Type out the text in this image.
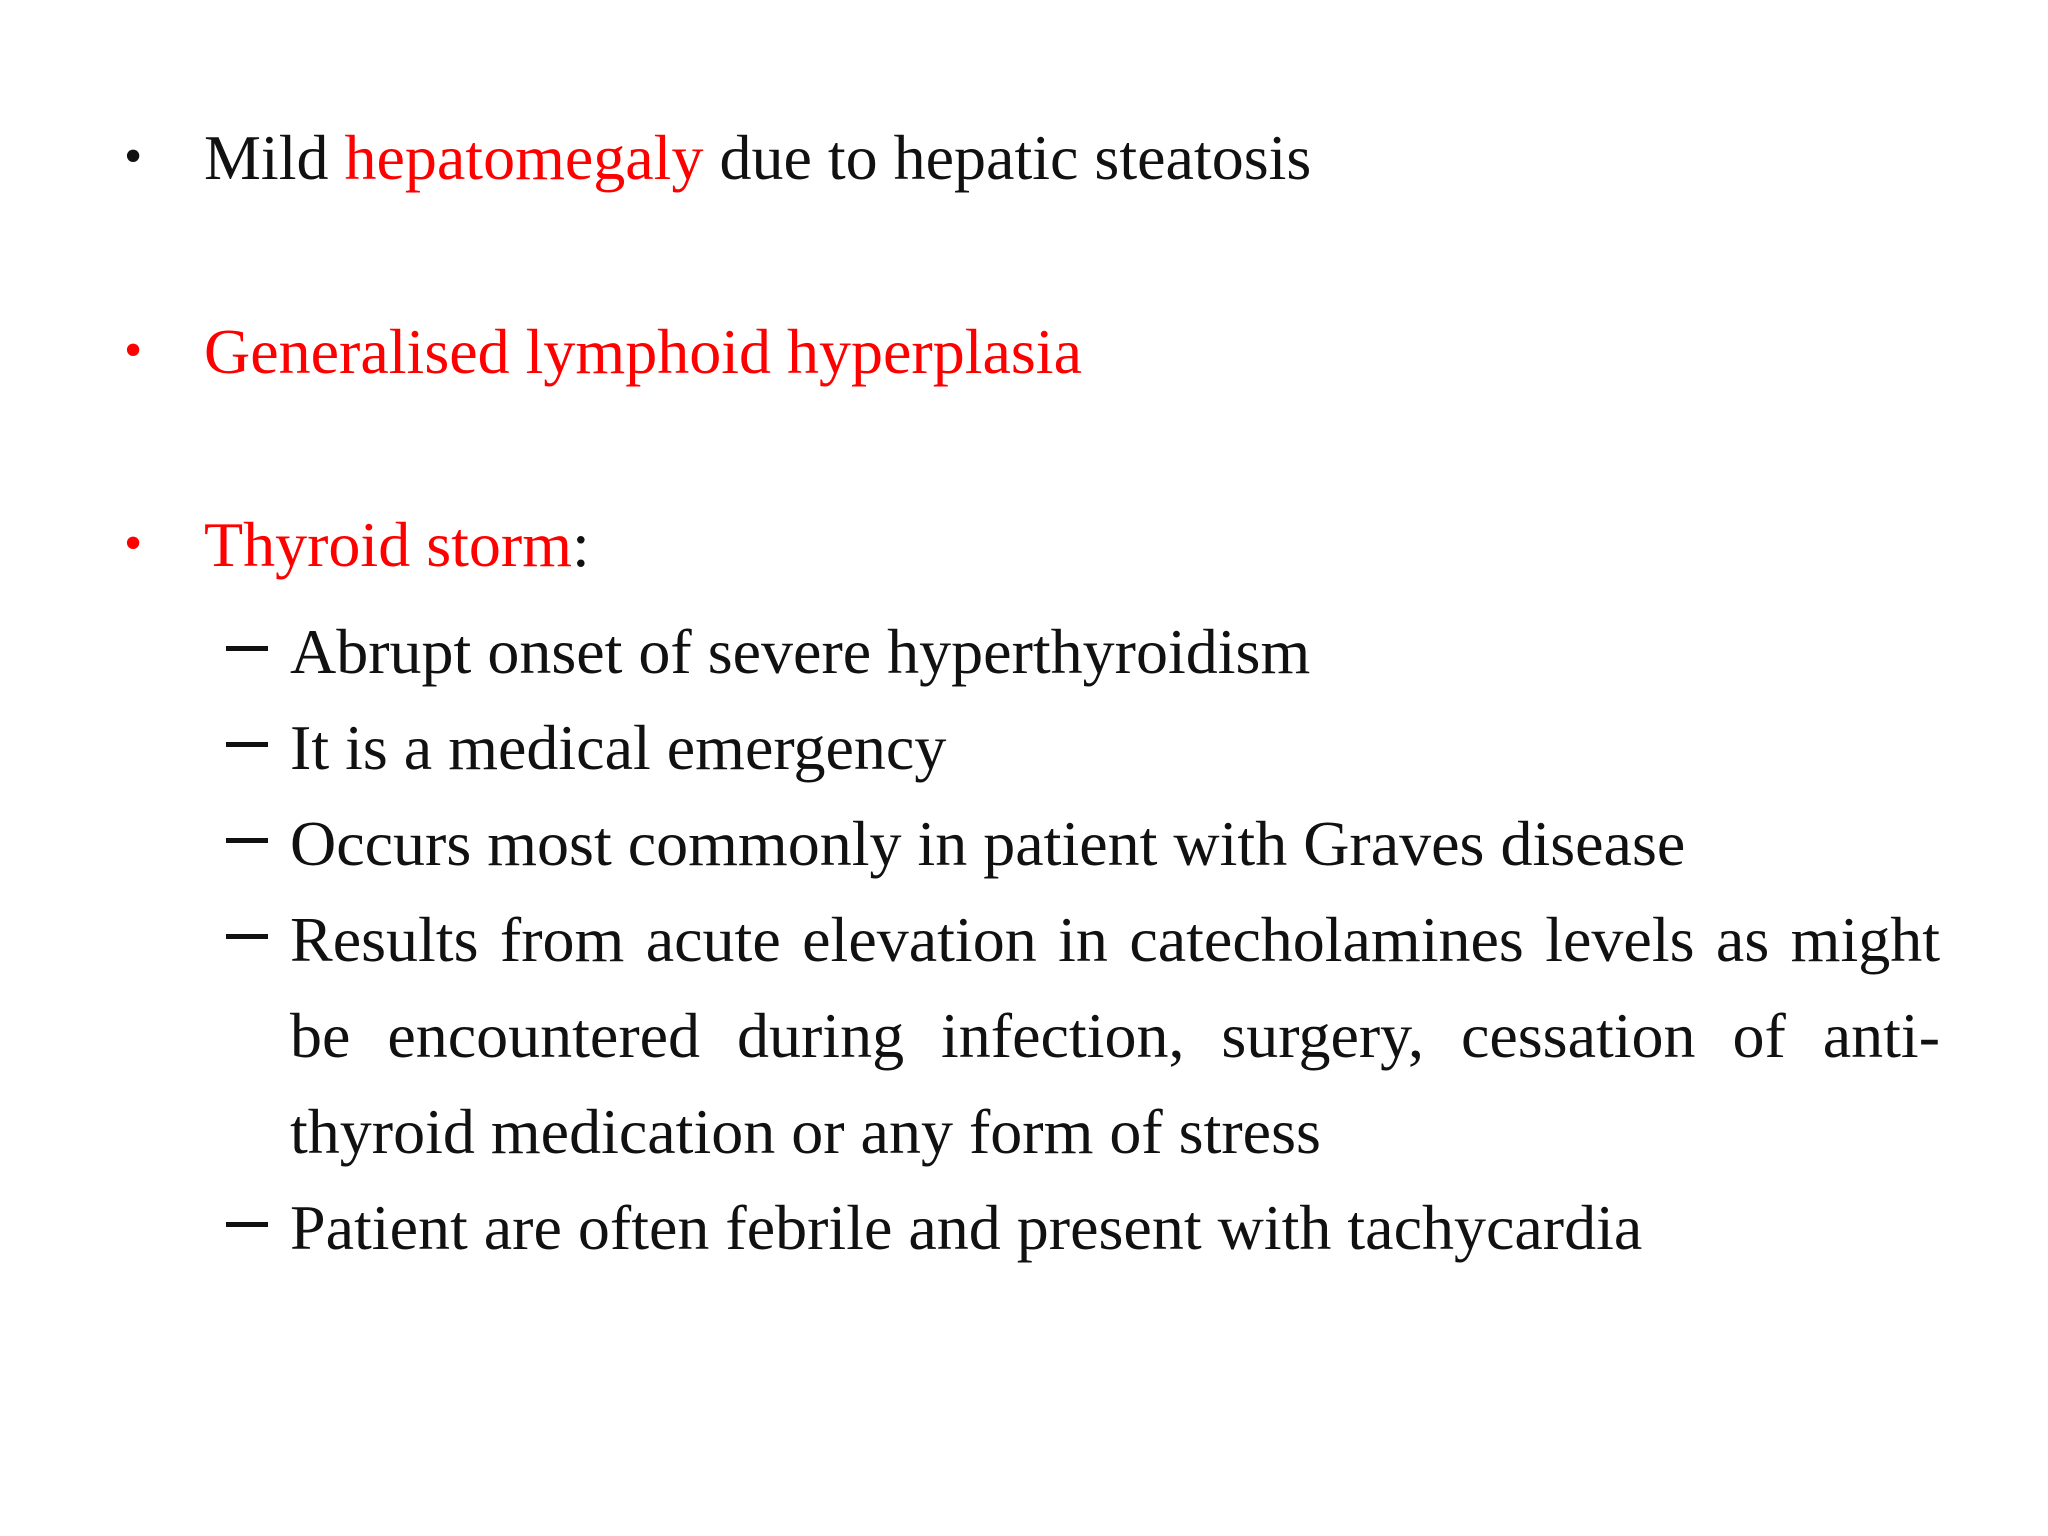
• Mild hepatomegaly due to hepatic steatosis
• Generalised lymphoid hyperplasia
• Thyroid storm:
Abrupt onset of severe hyperthyroidism
It is a medical emergency
Occurs most commonly in patient with Graves disease
Results from acute elevation in catecholamines levels as might be encountered during infection, surgery, cessation of anti-thyroid medication or any form of stress
Patient are often febrile and present with tachycardia
